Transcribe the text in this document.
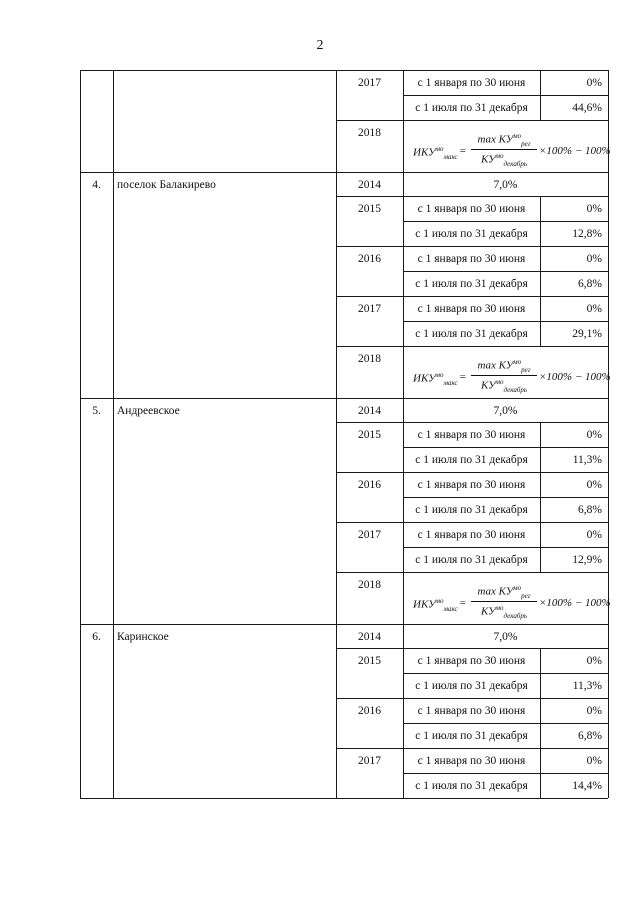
2
2017	с 1 января по 30 июня	0%
с 1 июля по 31 декабря	44,6%
2018
$ИКУ^{мо}_{макс}$ =
$\max КУ^{мо}_{рег}$
$КУ^{мо}_{декабрь}$
×100% − 100%
4.	поселок Балакирево	2014	7,0%
2015	с 1 января по 30 июня	0%
с 1 июля по 31 декабря	12,8%
2016	с 1 января по 30 июня	0%
с 1 июля по 31 декабря	6,8%
2017	с 1 января по 30 июня	0%
с 1 июля по 31 декабря	29,1%
2018
$ИКУ^{мо}_{макс}$ =
$\max КУ^{мо}_{рег}$
$КУ^{мо}_{декабрь}$
×100% − 100%
5.	Андреевское	2014	7,0%
2015	с 1 января по 30 июня	0%
с 1 июля по 31 декабря	11,3%
2016	с 1 января по 30 июня	0%
с 1 июля по 31 декабря	6,8%
2017	с 1 января по 30 июня	0%
с 1 июля по 31 декабря	12,9%
2018
$ИКУ^{мо}_{макс}$ =
$\max КУ^{мо}_{рег}$
$КУ^{мо}_{декабрь}$
×100% − 100%
6.	Каринское	2014	7,0%
2015	с 1 января по 30 июня	0%
с 1 июля по 31 декабря	11,3%
2016	с 1 января по 30 июня	0%
с 1 июля по 31 декабря	6,8%
2017	с 1 января по 30 июня	0%
с 1 июля по 31 декабря	14,4%
